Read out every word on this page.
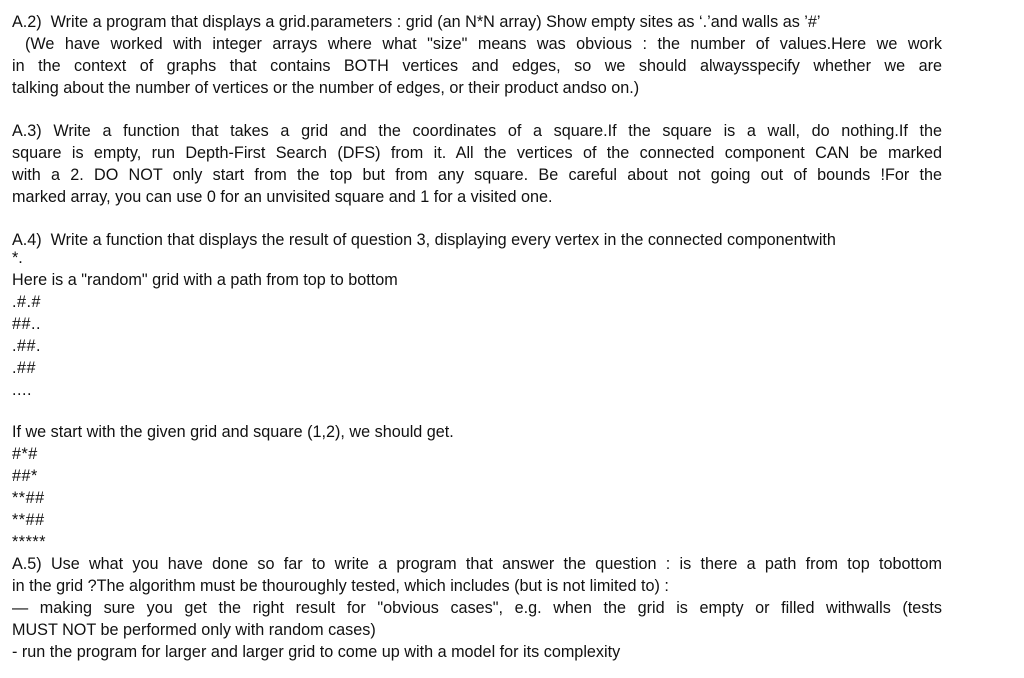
A.2)  Write a program that displays a grid.parameters : grid (an N*N array) Show empty sites as ‘.’and walls as ’#’
(We have worked with integer arrays where what "size" means was obvious : the number of values.Here we work
in the context of graphs that contains BOTH vertices and edges, so we should alwaysspecify whether we are
talking about the number of vertices or the number of edges, or their product andso on.)
A.3) Write a function that takes a grid and the coordinates of a square.If the square is a wall, do nothing.If the
square is empty, run Depth-First Search (DFS) from it. All the vertices of the connected component CAN be marked
with a 2. DO NOT only start from the top but from any square. Be careful about not going out of bounds !For the
marked array, you can use 0 for an unvisited square and 1 for a visited one.
A.4)  Write a function that displays the result of question 3, displaying every vertex in the connected componentwith
*.
Here is a "random" grid with a path from top to bottom
.#.#
##..
.##.
.##
....
If we start with the given grid and square (1,2), we should get.
#*#
##*
**##
**##
*****
A.5) Use what you have done so far to write a program that answer the question : is there a path from top tobottom
in the grid ?The algorithm must be thouroughly tested, which includes (but is not limited to) :
— making sure you get the right result for "obvious cases", e.g. when the grid is empty or filled withwalls (tests
MUST NOT be performed only with random cases)
- run the program for larger and larger grid to come up with a model for its complexity
